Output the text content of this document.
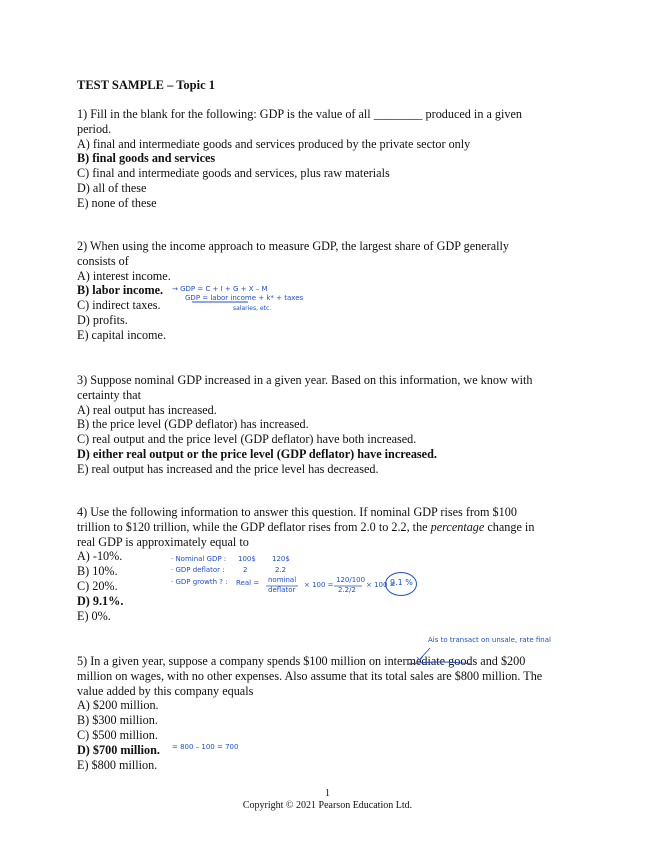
TEST SAMPLE – Topic 1
1) Fill in the blank for the following: GDP is the value of all ________ produced in a given
period.
A) final and intermediate goods and services produced by the private sector only
B) final goods and services
C) final and intermediate goods and services, plus raw materials
D) all of these
E) none of these
2) When using the income approach to measure GDP, the largest share of GDP generally
consists of
A) interest income.
B) labor income.
C) indirect taxes.
D) profits.
E) capital income.
→ GDP = C + I + G + X – M
GDP = labor income + k* + taxes
salaries, etc.
3) Suppose nominal GDP increased in a given year. Based on this information, we know with
certainty that
A) real output has increased.
B) the price level (GDP deflator) has increased.
C) real output and the price level (GDP deflator) have both increased.
D) either real output or the price level (GDP deflator) have increased.
E) real output has increased and the price level has decreased.
4) Use the following information to answer this question. If nominal GDP rises from $100
trillion to $120 trillion, while the GDP deflator rises from 2.0 to 2.2, the percentage change in
real GDP is approximately equal to
A) -10%.
B) 10%.
C) 20%.
D) 9.1%.
E) 0%.
· Nominal GDP : 100$ 120$
· GDP deflator :	2	2.2
· GDP growth ? : Real = nominal
deflator
× 100 =
120/100
2.2/2
× 100 =
9.1 %
Ais to transact on unsale, rate final
5) In a given year, suppose a company spends $100 million on intermediate goods and $200
million on wages, with no other expenses. Also assume that its total sales are $800 million. The
value added by this company equals
A) $200 million.
B) $300 million.
C) $500 million.
D) $700 million.
E) $800 million.
= 800 – 100 = 700
1
Copyright © 2021 Pearson Education Ltd.
